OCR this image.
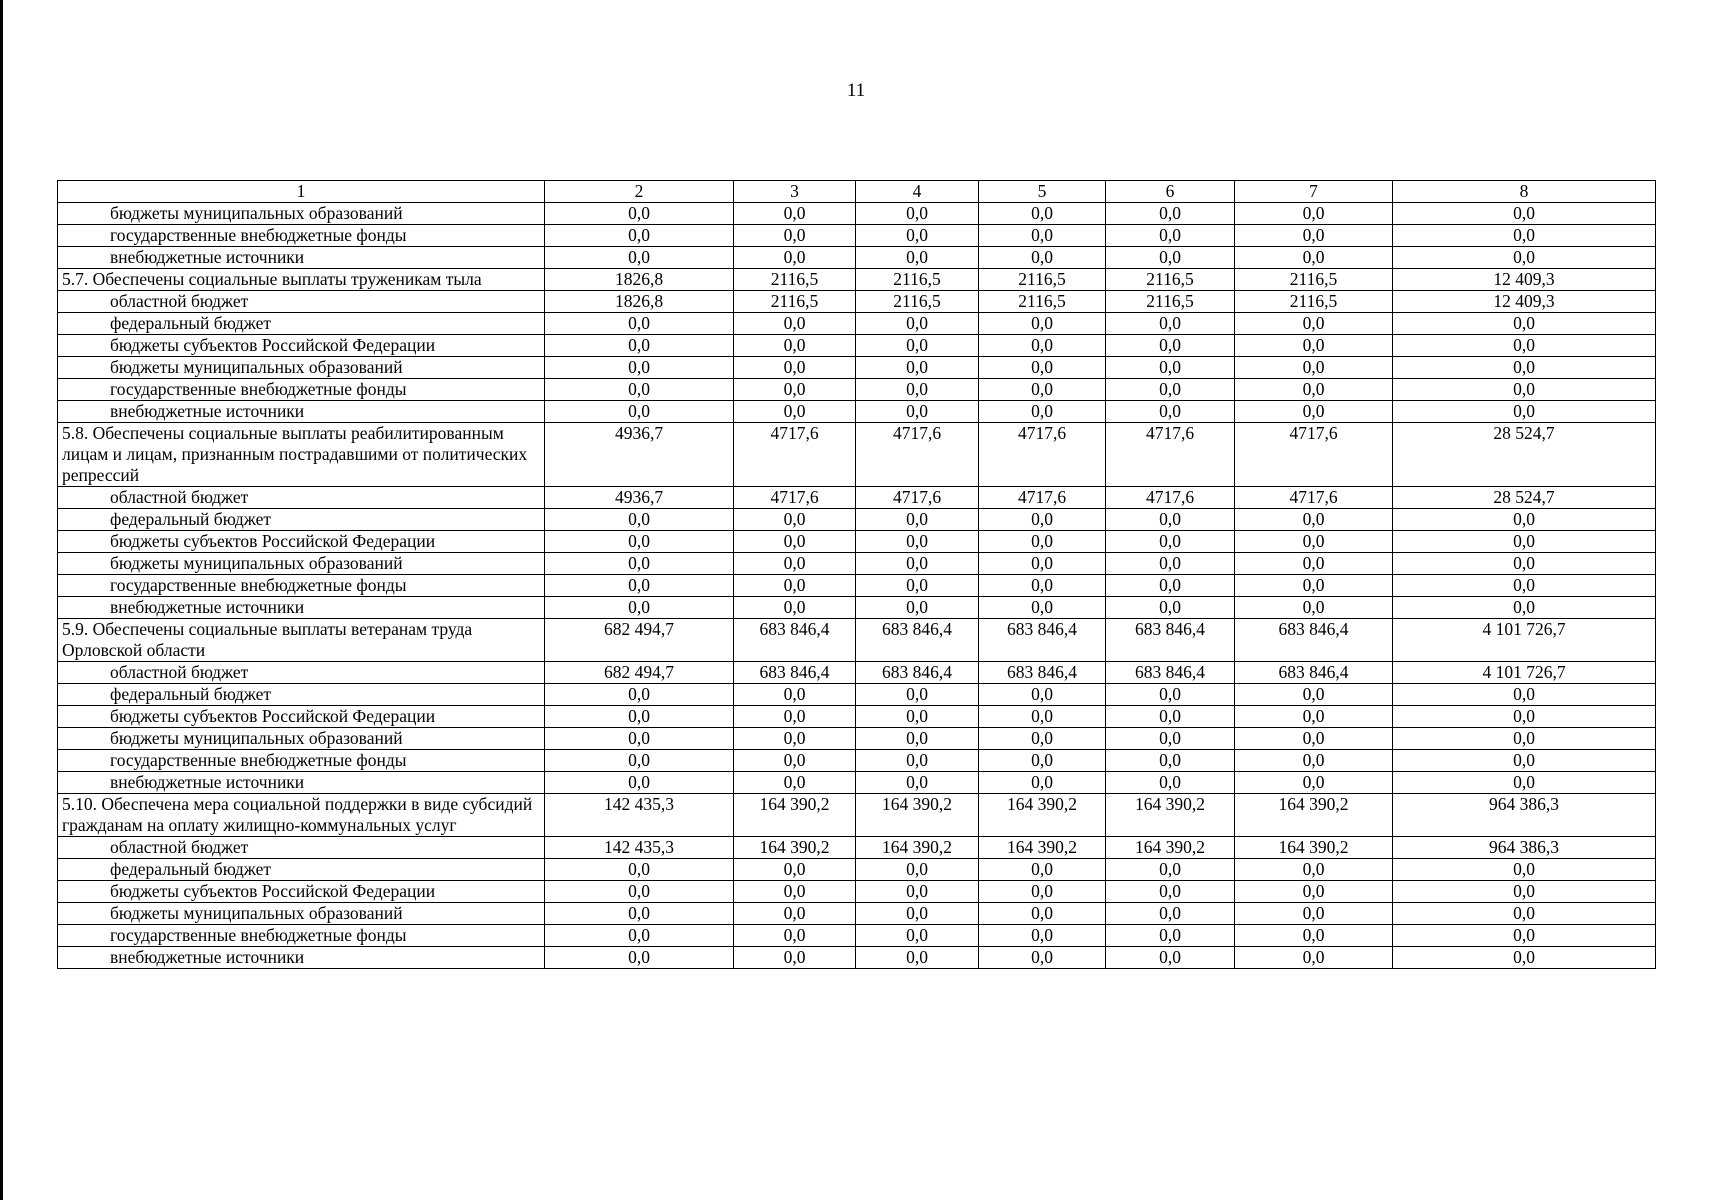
11
1	2	3	4	5	6	7	8
бюджеты муниципальных образований	0,0	0,0	0,0	0,0	0,0	0,0	0,0
государственные внебюджетные фонды	0,0	0,0	0,0	0,0	0,0	0,0	0,0
внебюджетные источники	0,0	0,0	0,0	0,0	0,0	0,0	0,0
5.7. Обеспечены социальные выплаты труженикам тыла	1826,8	2116,5	2116,5	2116,5	2116,5	2116,5	12 409,3
областной бюджет	1826,8	2116,5	2116,5	2116,5	2116,5	2116,5	12 409,3
федеральный бюджет	0,0	0,0	0,0	0,0	0,0	0,0	0,0
бюджеты субъектов Российской Федерации	0,0	0,0	0,0	0,0	0,0	0,0	0,0
бюджеты муниципальных образований	0,0	0,0	0,0	0,0	0,0	0,0	0,0
государственные внебюджетные фонды	0,0	0,0	0,0	0,0	0,0	0,0	0,0
внебюджетные источники	0,0	0,0	0,0	0,0	0,0	0,0	0,0
5.8. Обеспечены социальные выплаты реабилитированным лицам и лицам, признанным пострадавшими от политических репрессий	4936,7	4717,6	4717,6	4717,6	4717,6	4717,6	28 524,7
областной бюджет	4936,7	4717,6	4717,6	4717,6	4717,6	4717,6	28 524,7
федеральный бюджет	0,0	0,0	0,0	0,0	0,0	0,0	0,0
бюджеты субъектов Российской Федерации	0,0	0,0	0,0	0,0	0,0	0,0	0,0
бюджеты муниципальных образований	0,0	0,0	0,0	0,0	0,0	0,0	0,0
государственные внебюджетные фонды	0,0	0,0	0,0	0,0	0,0	0,0	0,0
внебюджетные источники	0,0	0,0	0,0	0,0	0,0	0,0	0,0
5.9. Обеспечены социальные выплаты ветеранам труда Орловской области	682 494,7	683 846,4	683 846,4	683 846,4	683 846,4	683 846,4	4 101 726,7
областной бюджет	682 494,7	683 846,4	683 846,4	683 846,4	683 846,4	683 846,4	4 101 726,7
федеральный бюджет	0,0	0,0	0,0	0,0	0,0	0,0	0,0
бюджеты субъектов Российской Федерации	0,0	0,0	0,0	0,0	0,0	0,0	0,0
бюджеты муниципальных образований	0,0	0,0	0,0	0,0	0,0	0,0	0,0
государственные внебюджетные фонды	0,0	0,0	0,0	0,0	0,0	0,0	0,0
внебюджетные источники	0,0	0,0	0,0	0,0	0,0	0,0	0,0
5.10. Обеспечена мера социальной поддержки в виде субсидий гражданам на оплату жилищно-коммунальных услуг	142 435,3	164 390,2	164 390,2	164 390,2	164 390,2	164 390,2	964 386,3
областной бюджет	142 435,3	164 390,2	164 390,2	164 390,2	164 390,2	164 390,2	964 386,3
федеральный бюджет	0,0	0,0	0,0	0,0	0,0	0,0	0,0
бюджеты субъектов Российской Федерации	0,0	0,0	0,0	0,0	0,0	0,0	0,0
бюджеты муниципальных образований	0,0	0,0	0,0	0,0	0,0	0,0	0,0
государственные внебюджетные фонды	0,0	0,0	0,0	0,0	0,0	0,0	0,0
внебюджетные источники	0,0	0,0	0,0	0,0	0,0	0,0	0,0
